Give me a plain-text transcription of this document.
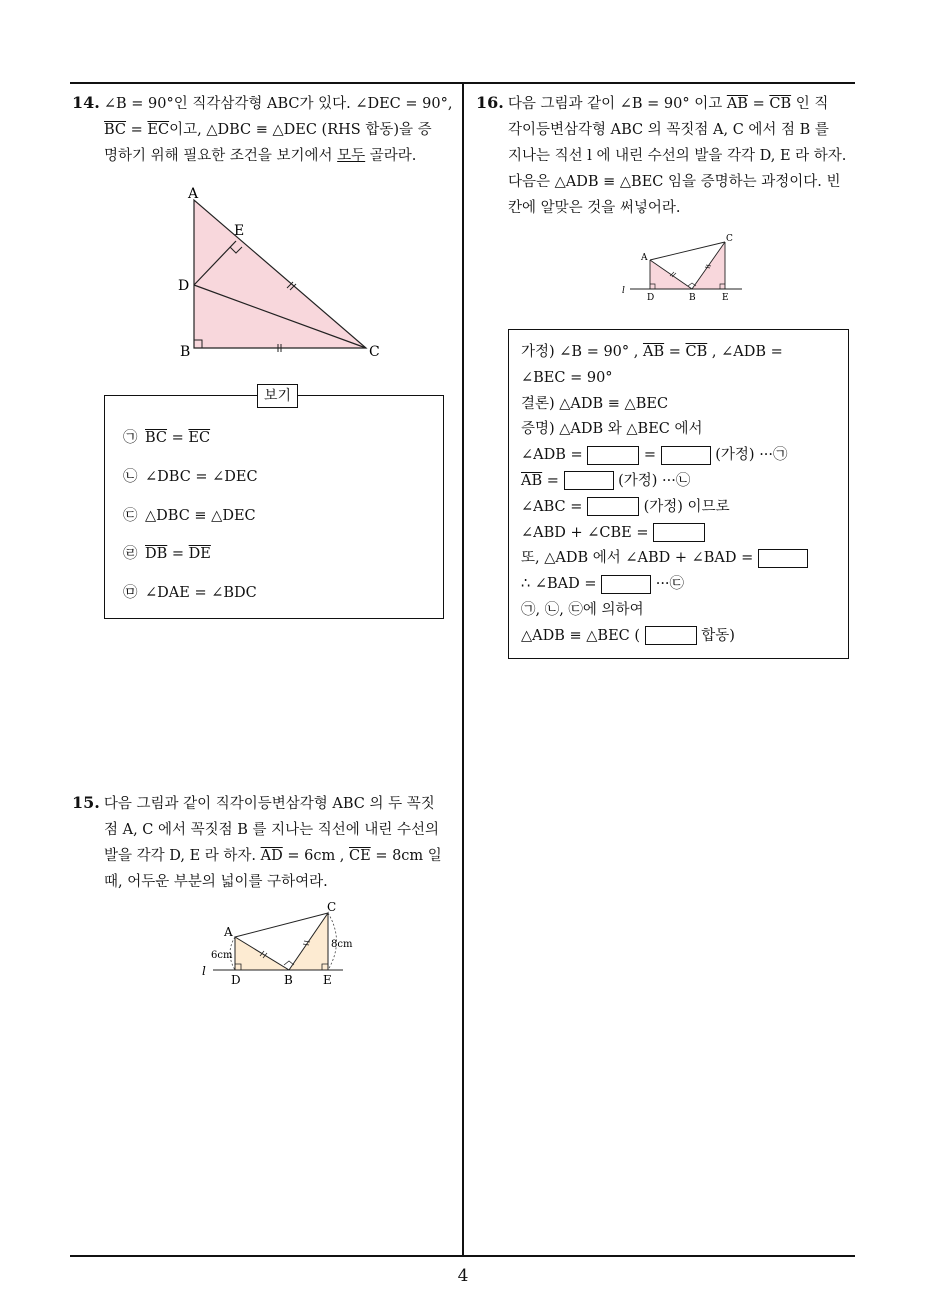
14. ∠B = 90°인 직각삼각형 ABC가 있다. ∠DEC = 90°,
$\overline{BC} = \overline{EC}$이고, △DBC ≡ △DEC (RHS 합동)을 증
명하기 위해 필요한 조건을 보기에서 모두 골라라.
A
E
D
B	C
보기
㉠ $\overline{BC} = \overline{EC}$
㉡ ∠DBC = ∠DEC
㉢ △DBC ≡ △DEC
㉣ $\overline{DB} = \overline{DE}$
㉤ ∠DAE = ∠BDC
15. 다음 그림과 같이 직각이등변삼각형 ABC 의 두 꼭짓
점 A, C 에서 꼭짓점 B 를 지나는 직선에 내린 수선의
발을 각각 D, E 라 하자. $\overline{AD} = 6cm$ , $\overline{CE} = 8cm$ 일
때, 어두운 부분의 넓이를 구하여라.
A
C
l
D	B	E
6cm
8cm
16. 다음 그림과 같이 ∠B = 90° 이고 $\overline{AB} = \overline{CB}$ 인 직
각이등변삼각형 ABC 의 꼭짓점 A, C 에서 점 B 를
지나는 직선 l 에 내린 수선의 발을 각각 D, E 라 하자.
다음은 △ADB ≡ △BEC 임을 증명하는 과정이다. 빈
칸에 알맞은 것을 써넣어라.
A
C
l
D	B	E
가정) ∠B = 90° , $\overline{AB} = \overline{CB}$ , ∠ADB =
∠BEC = 90°
결론) △ADB ≡ △BEC
증명) △ADB 와 △BEC 에서
∠ADB =	=	(가정) ···㉠
$\overline{AB}$ =	(가정) ···㉡
∠ABC =	(가정) 이므로
∠ABD + ∠CBE =
또, △ADB 에서 ∠ABD + ∠BAD =
∴ ∠BAD =	···㉢
㉠, ㉡, ㉢에 의하여
△ADB ≡ △BEC (	합동)
4
